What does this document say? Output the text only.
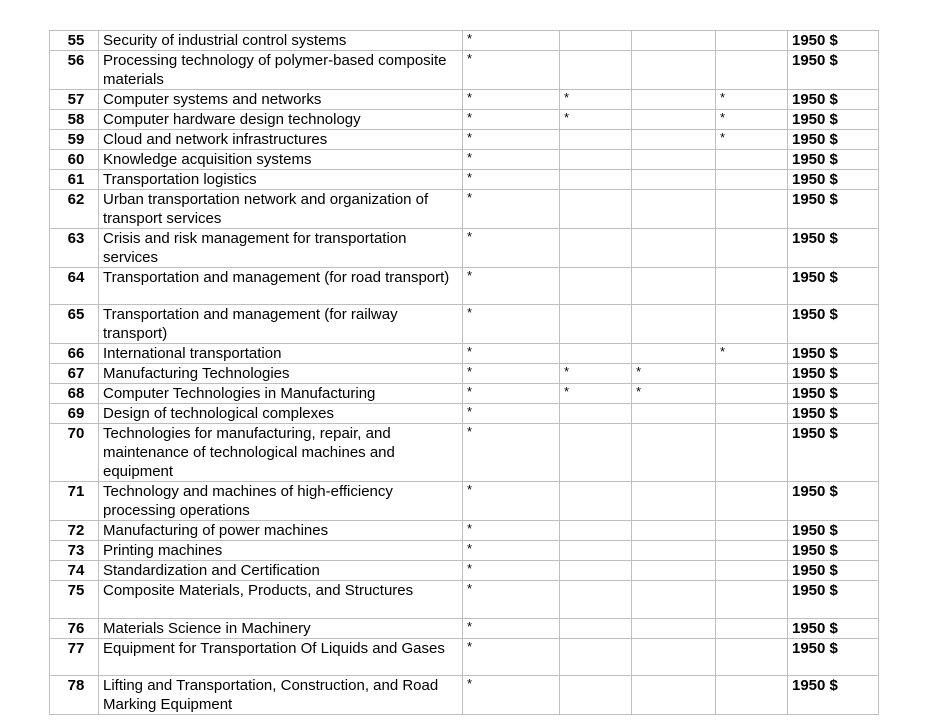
55	Security of industrial control systems	*				1950 $
56	Processing technology of polymer-based composite materials	*				1950 $
57	Computer systems and networks	*	*		*	1950 $
58	Computer hardware design technology	*	*		*	1950 $
59	Cloud and network infrastructures	*			*	1950 $
60	Knowledge acquisition systems	*				1950 $
61	Transportation logistics	*				1950 $
62	Urban transportation network and organization of transport services	*				1950 $
63	Crisis and risk management for transportation services	*				1950 $
64	Transportation and management (for road transport)	*				1950 $
65	Transportation and management (for railway transport)	*				1950 $
66	International transportation	*			*	1950 $
67	Manufacturing Technologies	*	*	*		1950 $
68	Computer Technologies in Manufacturing	*	*	*		1950 $
69	Design of technological complexes	*				1950 $
70	Technologies for manufacturing, repair, and maintenance of technological machines and equipment	*				1950 $
71	Technology and machines of high-efficiency processing operations	*				1950 $
72	Manufacturing of power machines	*				1950 $
73	Printing machines	*				1950 $
74	Standardization and Certification	*				1950 $
75	Composite Materials, Products, and Structures	*				1950 $
76	Materials Science in Machinery	*				1950 $
77	Equipment for Transportation Of Liquids and Gases	*				1950 $
78	Lifting and Transportation, Construction, and Road Marking Equipment	*				1950 $
